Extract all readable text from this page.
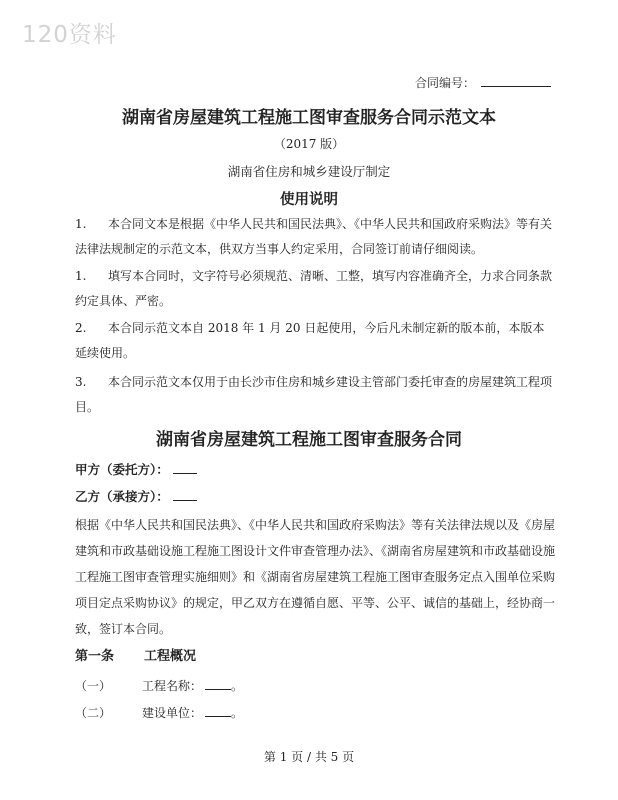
120资料
合同编号：
湖南省房屋建筑工程施工图审查服务合同示范文本
（2017 版）
湖南省住房和城乡建设厅制定
使用说明
1. 本合同文本是根据《中华人民共和国民法典》、《中华人民共和国政府采购法》等有关法律法规制定的示范文本，供双方当事人约定采用，合同签订前请仔细阅读。
1. 填写本合同时，文字符号必须规范、清晰、工整，填写内容准确齐全，力求合同条款约定具体、严密。
2. 本合同示范文本自 2018 年 1 月 20 日起使用，今后凡未制定新的版本前，本版本延续使用。
3. 本合同示范文本仅用于由长沙市住房和城乡建设主管部门委托审查的房屋建筑工程项目。
湖南省房屋建筑工程施工图审查服务合同
甲方（委托方）：
乙方（承接方）：
根据《中华人民共和国民法典》、《中华人民共和国政府采购法》等有关法律法规以及《房屋建筑和市政基础设施工程施工图设计文件审查管理办法》、《湖南省房屋建筑和市政基础设施工程施工图审查管理实施细则》和《湖南省房屋建筑工程施工图审查服务定点入围单位采购项目定点采购协议》的规定，甲乙双方在遵循自愿、平等、公平、诚信的基础上，经协商一致，签订本合同。
第一条 工程概况
（一）	工程名称： 。
（二）	建设单位： 。
第 1 页 / 共 5 页
